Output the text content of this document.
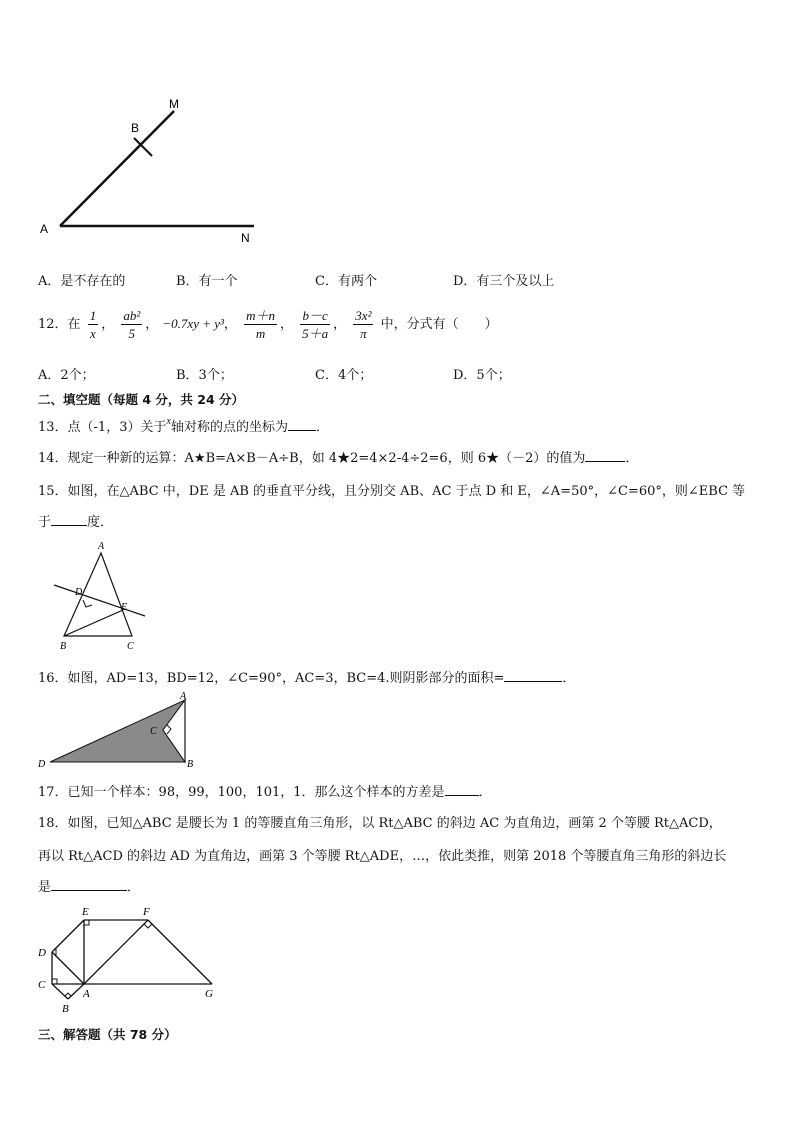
A
B
M
N
A．是不存在的	B．有一个	C．有两个	D．有三个及以上
12．在 $\frac{1}{x}$ ， $\frac{\text{ab²}}{5}$ ， −0.7xy + y³， $\frac{m+n}{m}$ ， $\frac{b-c}{5+a}$ ， $\frac{\text{3x²}}{\pi}$ 中，分式有（　　）
A．2个；	B．3个；	C．4个；	D．5个；
二、填空题（每题 4 分，共 24 分）
13．点（-1，3）关于$^x$轴对称的点的坐标为 ．
14．规定一种新的运算：A★B=A×B－A÷B，如 4★2=4×2-4÷2=6，则 6★（－2）的值为	．
15．如图，在△ABC 中，DE 是 AB 的垂直平分线，且分别交 AB、AC 于点 D 和 E，∠A=50°，∠C=60°，则∠EBC 等
于	度．
A
D
E
B	C
16．如图，AD=13，BD=12，∠C=90°，AC=3，BC=4.则阴影部分的面积=	．
A
C
D	B
17．已知一个样本：98，99，100，101，1．那么这个样本的方差是	．
18．如图，已知△ABC 是腰长为 1 的等腰直角三角形，以 Rt△ABC 的斜边 AC 为直角边，画第 2 个等腰 Rt△ACD，
再以 Rt△ACD 的斜边 AD 为直角边，画第 3 个等腰 Rt△ADE，…，依此类推，则第 2018 个等腰直角三角形的斜边长
是	．
E	F
D
C
A	G
B
三、解答题（共 78 分）
